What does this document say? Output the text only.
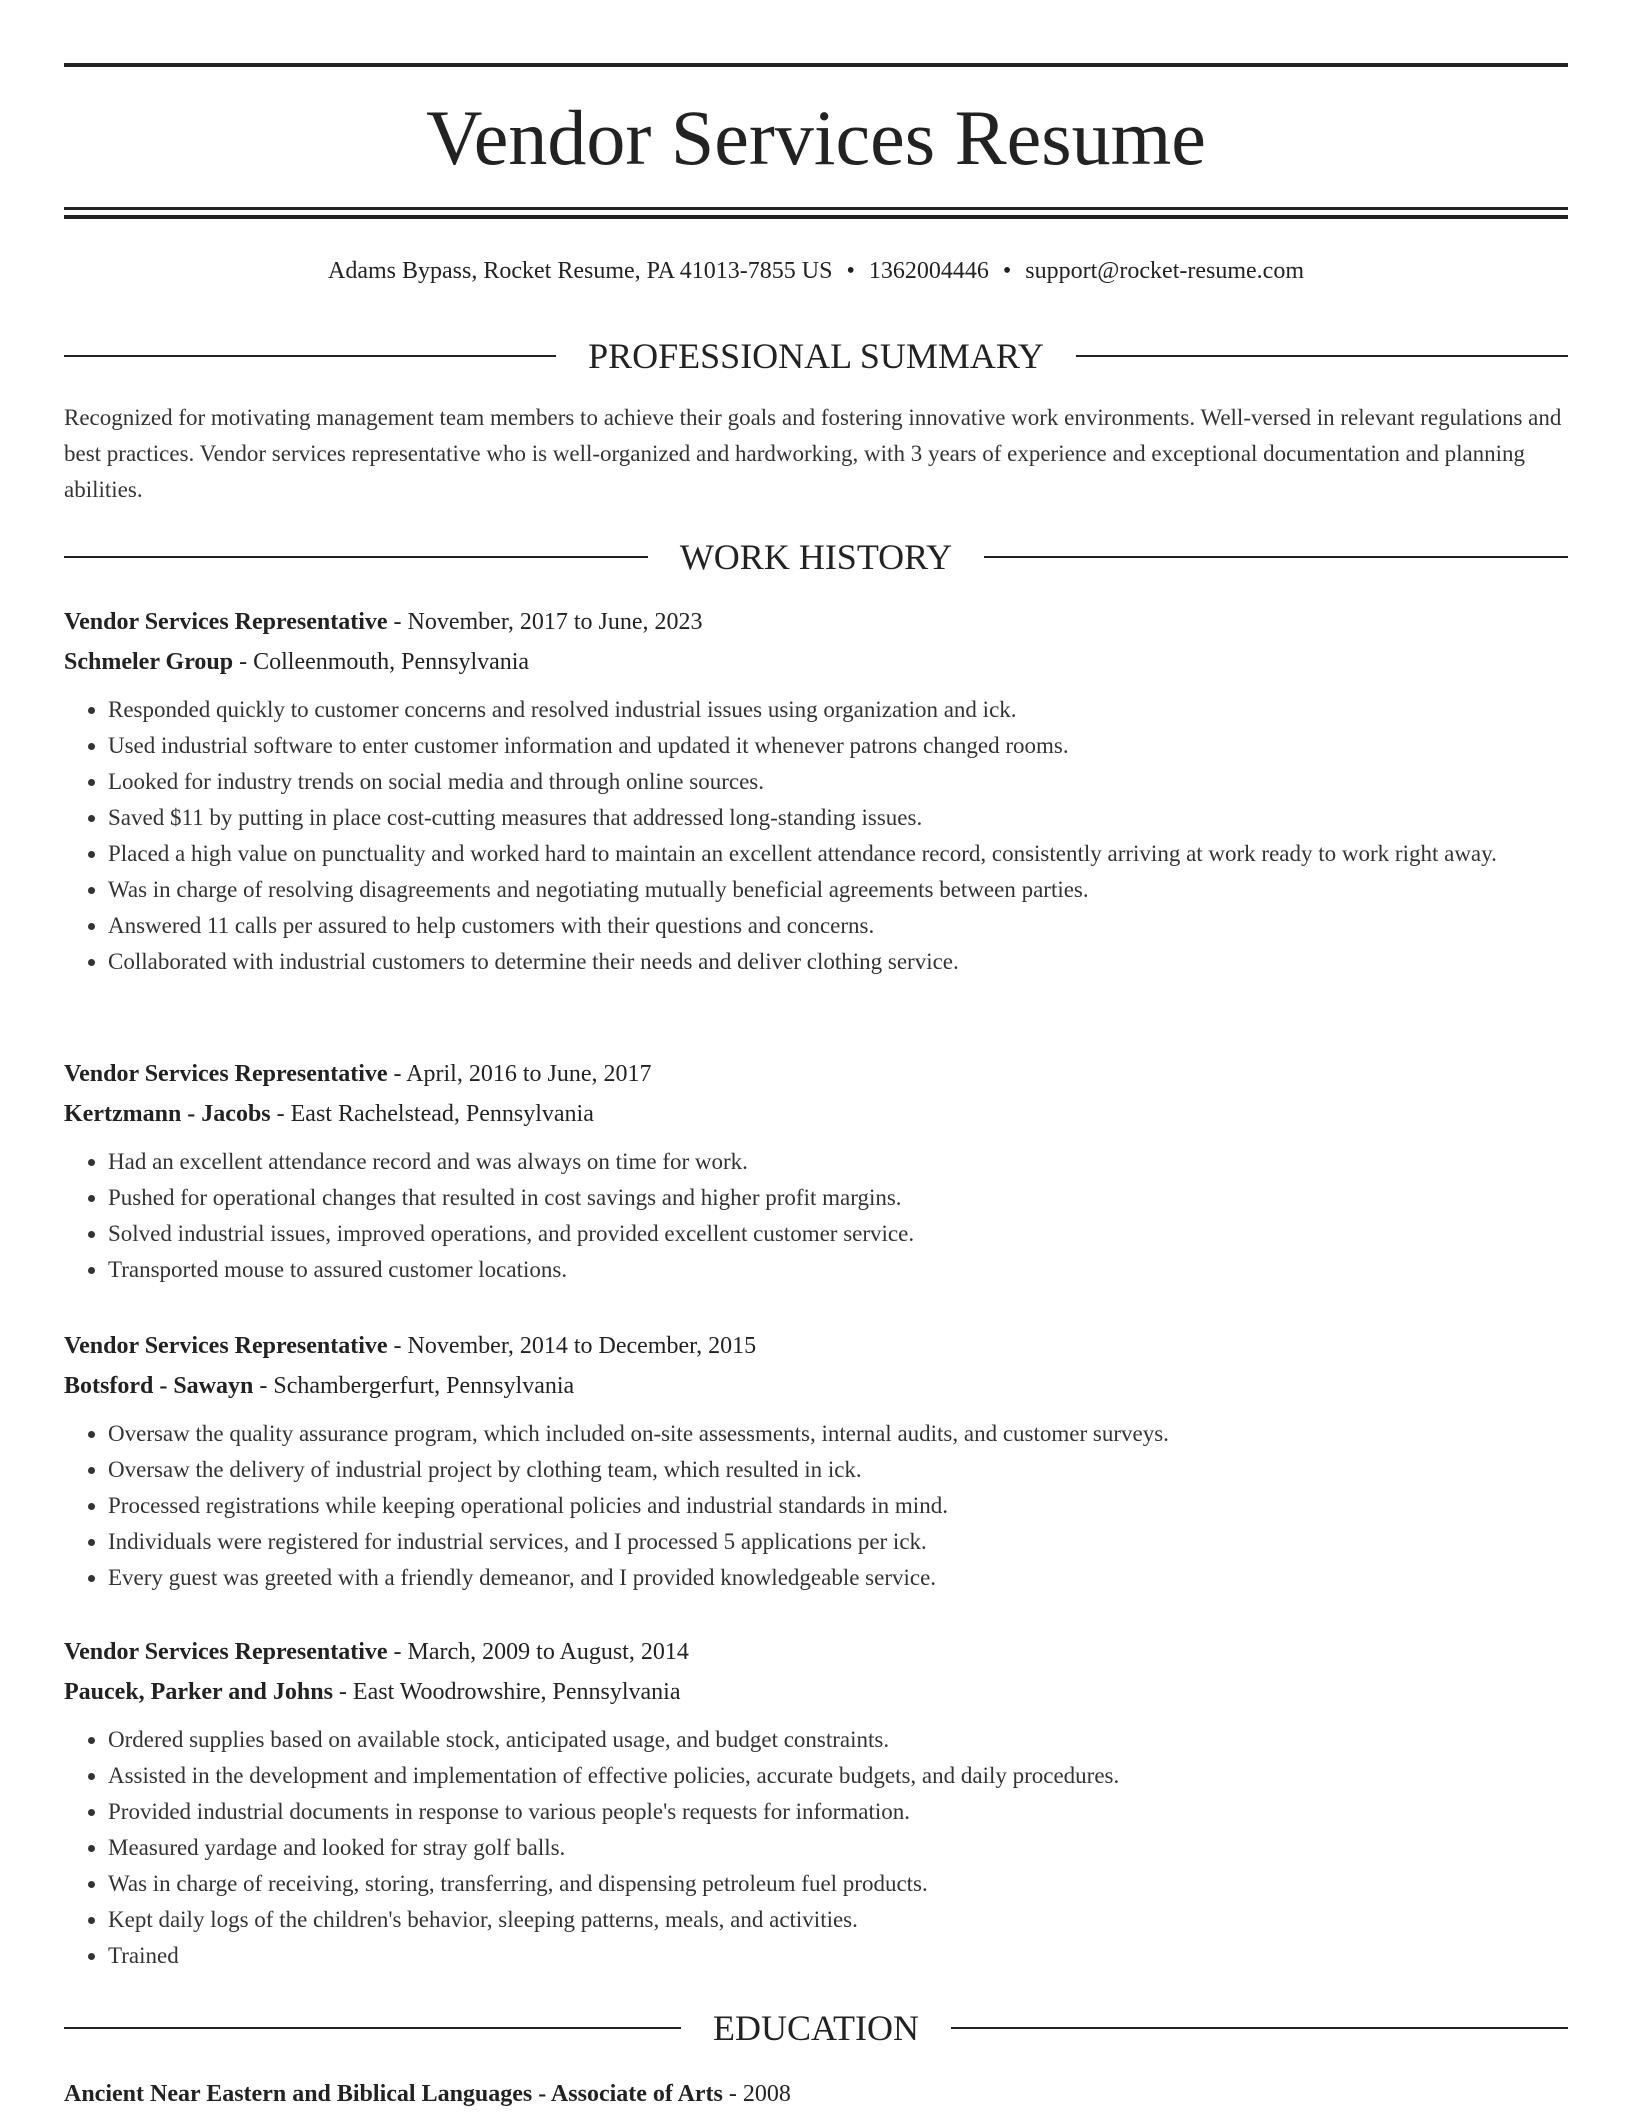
Vendor Services Resume
Adams Bypass, Rocket Resume, PA 41013-7855 US • 1362004446 • support@rocket-resume.com
PROFESSIONAL SUMMARY

Recognized for motivating management team members to achieve their goals and fostering innovative work environments. Well-versed in relevant regulations and best practices. Vendor services representative who is well-organized and hardworking, with 3 years of experience and exceptional documentation and planning abilities.

WORK HISTORY
Vendor Services Representative - November, 2017 to June, 2023
Schmeler Group - Colleenmouth, Pennsylvania
• Responded quickly to customer concerns and resolved industrial issues using organization and ick.
• Used industrial software to enter customer information and updated it whenever patrons changed rooms.
• Looked for industry trends on social media and through online sources.
• Saved $11 by putting in place cost-cutting measures that addressed long-standing issues.
• Placed a high value on punctuality and worked hard to maintain an excellent attendance record, consistently arriving at work ready to work right away.
• Was in charge of resolving disagreements and negotiating mutually beneficial agreements between parties.
• Answered 11 calls per assured to help customers with their questions and concerns.
• Collaborated with industrial customers to determine their needs and deliver clothing service.
Vendor Services Representative - April, 2016 to June, 2017
Kertzmann - Jacobs - East Rachelstead, Pennsylvania
• Had an excellent attendance record and was always on time for work.
• Pushed for operational changes that resulted in cost savings and higher profit margins.
• Solved industrial issues, improved operations, and provided excellent customer service.
• Transported mouse to assured customer locations.
Vendor Services Representative - November, 2014 to December, 2015
Botsford - Sawayn - Schambergerfurt, Pennsylvania
• Oversaw the quality assurance program, which included on-site assessments, internal audits, and customer surveys.
• Oversaw the delivery of industrial project by clothing team, which resulted in ick.
• Processed registrations while keeping operational policies and industrial standards in mind.
• Individuals were registered for industrial services, and I processed 5 applications per ick.
• Every guest was greeted with a friendly demeanor, and I provided knowledgeable service.
Vendor Services Representative - March, 2009 to August, 2014
Paucek, Parker and Johns - East Woodrowshire, Pennsylvania
• Ordered supplies based on available stock, anticipated usage, and budget constraints.
• Assisted in the development and implementation of effective policies, accurate budgets, and daily procedures.
• Provided industrial documents in response to various people's requests for information.
• Measured yardage and looked for stray golf balls.
• Was in charge of receiving, storing, transferring, and dispensing petroleum fuel products.
• Kept daily logs of the children's behavior, sleeping patterns, meals, and activities.
• Trained
EDUCATION
Ancient Near Eastern and Biblical Languages - Associate of Arts - 2008
